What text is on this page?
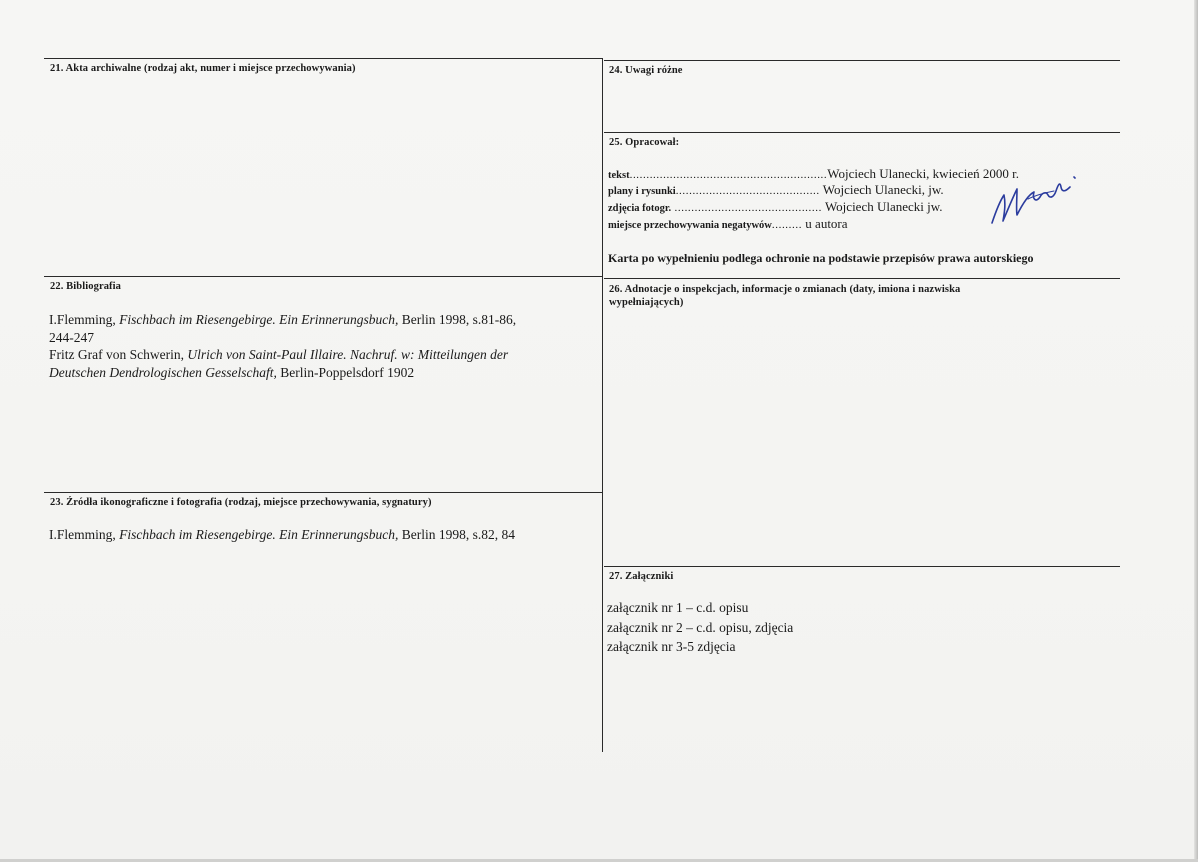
21. Akta archiwalne (rodzaj akt, numer i miejsce przechowywania)
22. Bibliografia
I.Flemming, Fischbach im Riesengebirge. Ein Erinnerungsbuch, Berlin 1998, s.81-86,
244-247
Fritz Graf von Schwerin, Ulrich von Saint-Paul Illaire. Nachruf. w: Mitteilungen der
Deutschen Dendrologischen Gesselschaft, Berlin-Poppelsdorf 1902
23. Źródła ikonograficzne i fotografia (rodzaj, miejsce przechowywania, sygnatury)
I.Flemming, Fischbach im Riesengebirge. Ein Erinnerungsbuch, Berlin 1998, s.82, 84
24. Uwagi różne
25. Opracował:
tekst...........................................................Wojciech Ulanecki, kwiecień 2000 r.
plany i rysunki........................................... Wojciech Ulanecki, jw.
zdjęcia fotogr. ............................................ Wojciech Ulanecki jw.
miejsce przechowywania negatywów......... u autora
Karta po wypełnieniu podlega ochronie na podstawie przepisów prawa autorskiego
26. Adnotacje o inspekcjach, informacje o zmianach (daty, imiona i nazwiska
wypełniających)
27. Załączniki
załącznik nr 1 – c.d. opisu
załącznik nr 2 – c.d. opisu, zdjęcia
załącznik nr 3-5 zdjęcia
